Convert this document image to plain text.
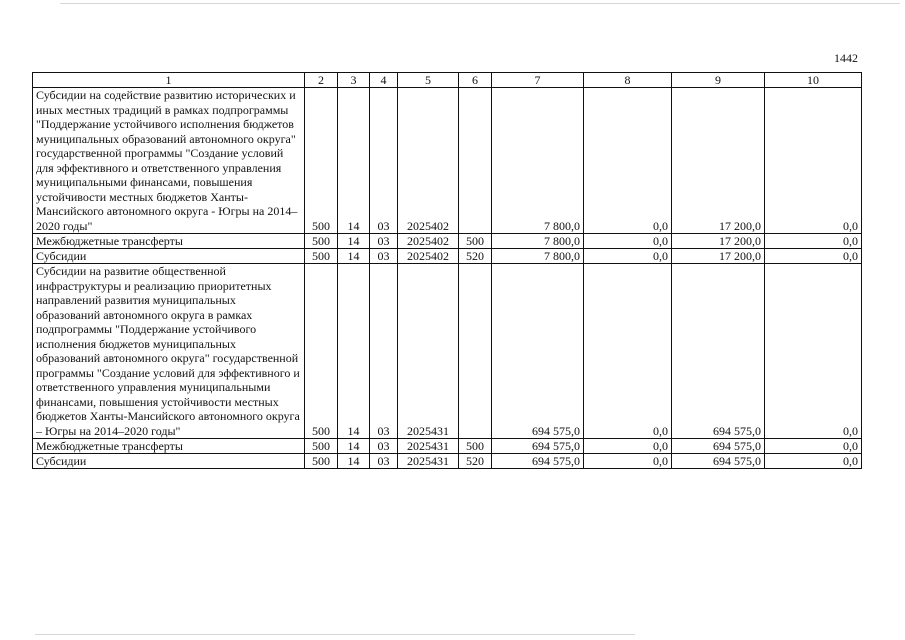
1442
1	2	3	4	5	6	7	8	9	10
Субсидии на содействие развитию исторических и иных местных традиций в рамках подпрограммы "Поддержание устойчивого исполнения бюджетов муниципальных образований автономного округа" государственной программы "Создание условий для эффективного и ответственного управления муниципальными финансами, повышения устойчивости местных бюджетов Ханты-Мансийского автономного округа - Югры на 2014–2020 годы"	500	14	03	2025402		7 800,0	0,0	17 200,0	0,0
Межбюджетные трансферты	500	14	03	2025402	500	7 800,0	0,0	17 200,0	0,0
Субсидии	500	14	03	2025402	520	7 800,0	0,0	17 200,0	0,0
Субсидии на развитие общественной инфраструктуры и реализацию приоритетных направлений развития муниципальных образований автономного округа в рамках подпрограммы "Поддержание устойчивого исполнения бюджетов муниципальных образований автономного округа" государственной программы "Создание условий для эффективного и ответственного управления муниципальными финансами, повышения устойчивости местных бюджетов Ханты-Мансийского автономного округа – Югры на 2014–2020 годы"	500	14	03	2025431		694 575,0	0,0	694 575,0	0,0
Межбюджетные трансферты	500	14	03	2025431	500	694 575,0	0,0	694 575,0	0,0
Субсидии	500	14	03	2025431	520	694 575,0	0,0	694 575,0	0,0
